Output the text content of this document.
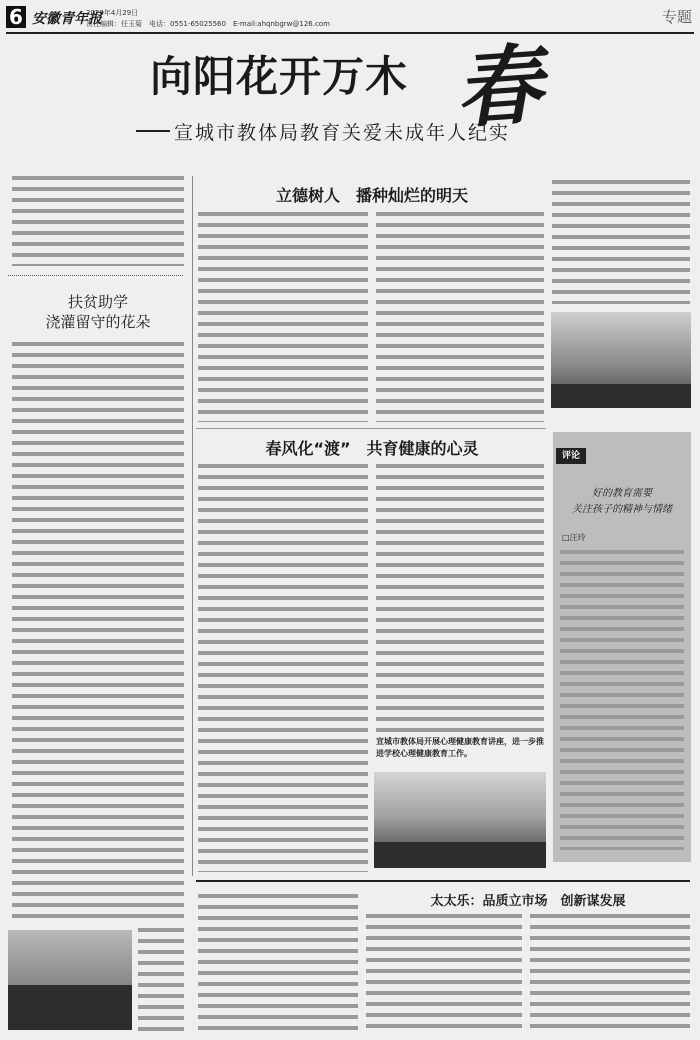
6 安徽青年报
2020年4月29日
责任编辑：任玉菊　电话：0551-65025560　E-mail:ahqnbgrw@126.com	专题
向阳花开万木 春
宣城市教体局教育关爱未成年人纪实
扶贫助学
浇灌留守的花朵
立德树人　播种灿烂的明天
春风化“渡”　共育健康的心灵
宣城市教体局开展心理健康教育讲座，进一步推进学校心理健康教育工作。
评论
好的教育需要
关注孩子的精神与情绪
□汪玲
太太乐：品质立市场　创新谋发展
